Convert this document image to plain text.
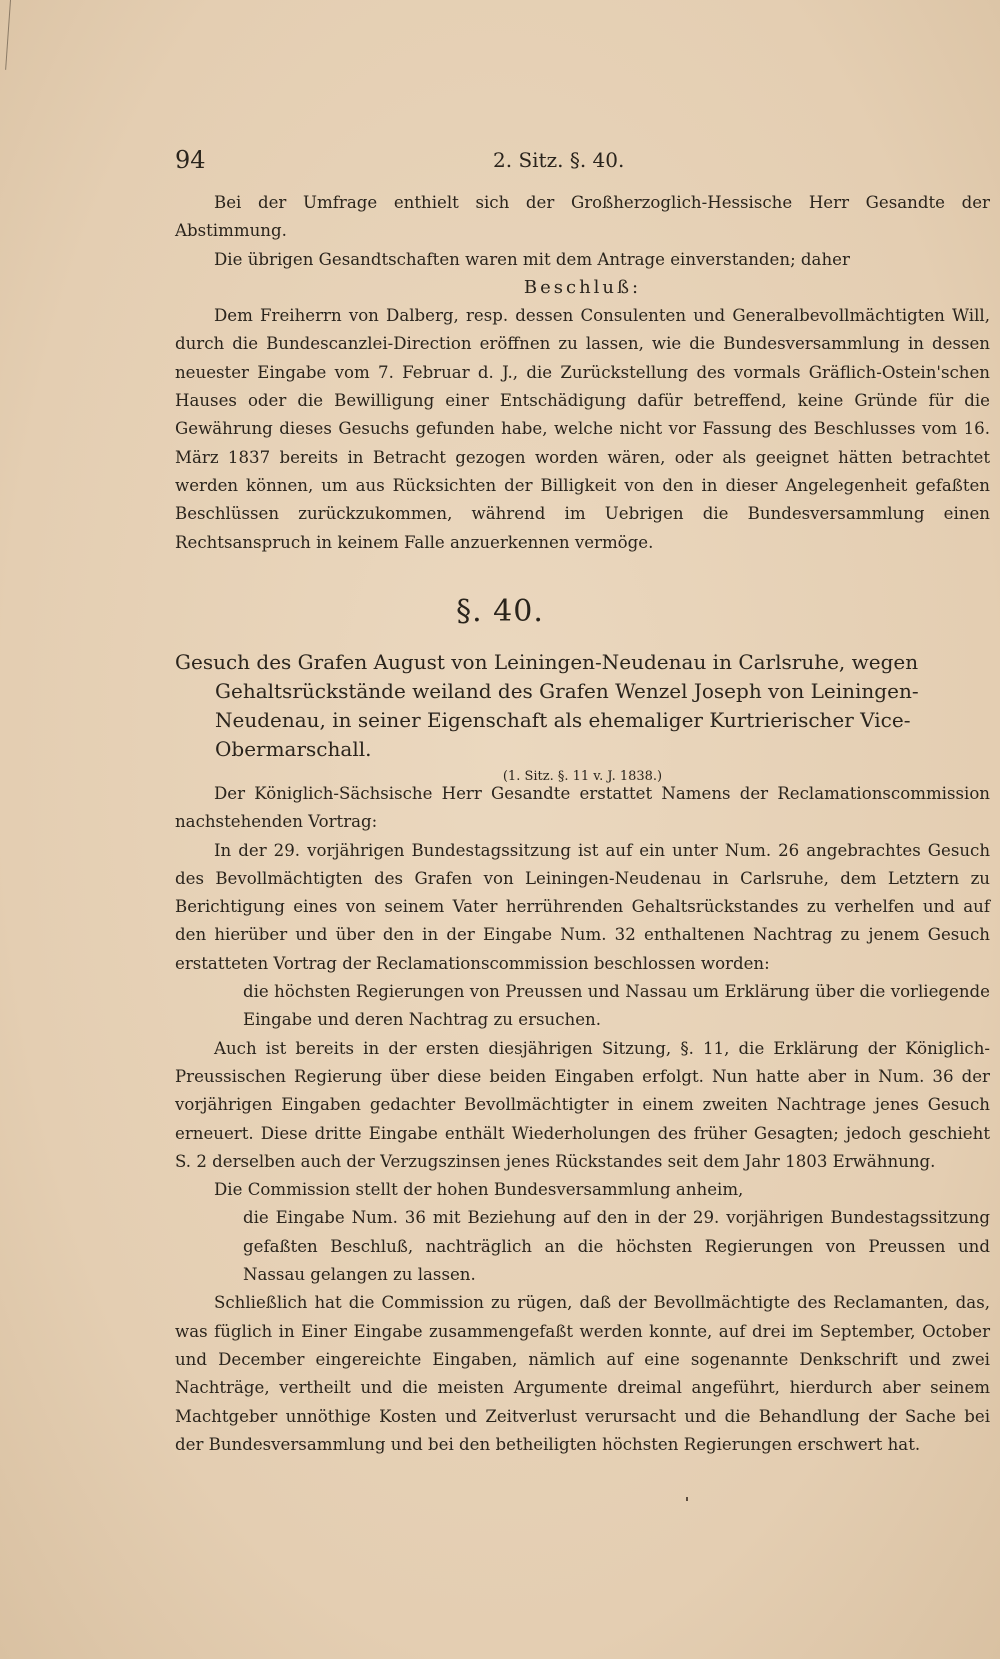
94	2. Sitz. §. 40.

Bei der Umfrage enthielt sich der Großherzoglich-Hessische Herr Gesandte der Abstimmung.

Die übrigen Gesandtschaften waren mit dem Antrage einverstanden; daher

Beschluß:

Dem Freiherrn von Dalberg, resp. dessen Consulenten und Generalbevollmächtigten Will, durch die Bundescanzlei-Direction eröffnen zu lassen, wie die Bundesversammlung in dessen neuester Eingabe vom 7. Februar d. J., die Zurückstellung des vormals Gräflich-Ostein'schen Hauses oder die Bewilligung einer Entschädigung dafür betreffend, keine Gründe für die Gewährung dieses Gesuchs gefunden habe, welche nicht vor Fassung des Beschlusses vom 16. März 1837 bereits in Betracht gezogen worden wären, oder als geeignet hätten betrachtet werden können, um aus Rücksichten der Billigkeit von den in dieser Angelegenheit gefaßten Beschlüssen zurückzukommen, während im Uebrigen die Bundesversammlung einen Rechtsanspruch in keinem Falle anzuerkennen vermöge.

§. 40.

Gesuch des Grafen August von Leiningen-Neudenau in Carlsruhe, wegen Gehaltsrückstände weiland des Grafen Wenzel Joseph von Leiningen-Neudenau, in seiner Eigenschaft als ehemaliger Kurtrierischer Vice-Obermarschall.

(1. Sitz. §. 11 v. J. 1838.)

Der Königlich-Sächsische Herr Gesandte erstattet Namens der Reclamationscommission nachstehenden Vortrag:

In der 29. vorjährigen Bundestagssitzung ist auf ein unter Num. 26 angebrachtes Gesuch des Bevollmächtigten des Grafen von Leiningen-Neudenau in Carlsruhe, dem Letztern zu Berichtigung eines von seinem Vater herrührenden Gehaltsrückstandes zu verhelfen und auf den hierüber und über den in der Eingabe Num. 32 enthaltenen Nachtrag zu jenem Gesuch erstatteten Vortrag der Reclamationscommission beschlossen worden:

die höchsten Regierungen von Preussen und Nassau um Erklärung über die vorliegende Eingabe und deren Nachtrag zu ersuchen.

Auch ist bereits in der ersten diesjährigen Sitzung, §. 11, die Erklärung der Königlich-Preussischen Regierung über diese beiden Eingaben erfolgt. Nun hatte aber in Num. 36 der vorjährigen Eingaben gedachter Bevollmächtigter in einem zweiten Nachtrage jenes Gesuch erneuert. Diese dritte Eingabe enthält Wiederholungen des früher Gesagten; jedoch geschieht S. 2 derselben auch der Verzugszinsen jenes Rückstandes seit dem Jahr 1803 Erwähnung.

Die Commission stellt der hohen Bundesversammlung anheim,

die Eingabe Num. 36 mit Beziehung auf den in der 29. vorjährigen Bundestagssitzung gefaßten Beschluß, nachträglich an die höchsten Regierungen von Preussen und Nassau gelangen zu lassen.

Schließlich hat die Commission zu rügen, daß der Bevollmächtigte des Reclamanten, das, was füglich in Einer Eingabe zusammengefaßt werden konnte, auf drei im September, October und December eingereichte Eingaben, nämlich auf eine sogenannte Denkschrift und zwei Nachträge, vertheilt und die meisten Argumente dreimal angeführt, hierdurch aber seinem Machtgeber unnöthige Kosten und Zeitverlust verursacht und die Behandlung der Sache bei der Bundesversammlung und bei den betheiligten höchsten Regierungen erschwert hat.
